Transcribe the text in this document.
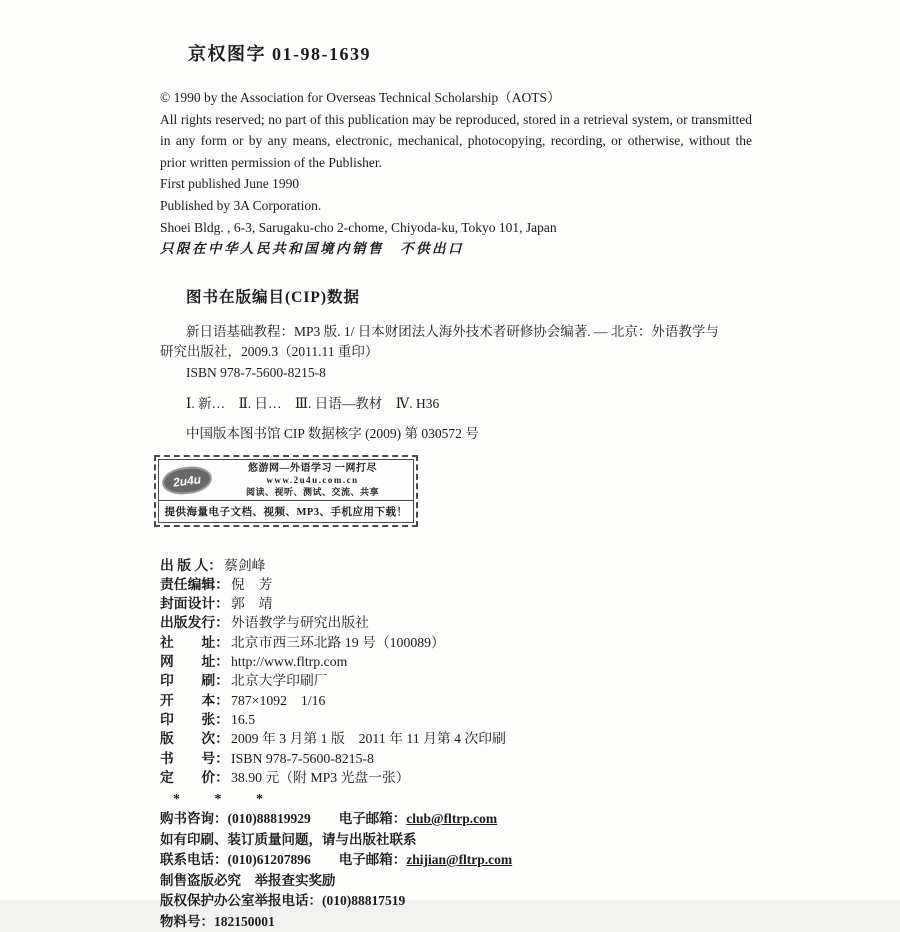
京权图字 01-98-1639

© 1990 by the Association for Overseas Technical Scholarship（AOTS）

All rights reserved; no part of this publication may be reproduced, stored in a retrieval system, or transmitted in any form or by any means, electronic, mechanical, photocopying, recording, or otherwise, without the prior written permission of the Publisher.

First published June 1990

Published by 3A Corporation.

Shoei Bldg. , 6-3, Sarugaku-cho 2-chome, Chiyoda-ku, Tokyo 101, Japan

只限在中华人民共和国境内销售　不供出口

图书在版编目(CIP)数据
新日语基础教程：MP3 版. 1/ 日本财团法人海外技术者研修协会编著. — 北京：外语教学与
研究出版社，2009.3（2011.11 重印）
ISBN 978-7-5600-8215-8
Ⅰ. 新…　Ⅱ. 日…　Ⅲ. 日语—教材　Ⅳ. H36
中国版本图书馆 CIP 数据核字 (2009) 第 030572 号
2u4u
悠游网—外语学习 一网打尽
www.2u4u.com.cn
阅读、视听、测试、交流、共享
提供海量电子文档、视频、MP3、手机应用下载！
出 版 人： 蔡剑峰
责任编辑： 倪　芳
封面设计： 郭　靖
出版发行： 外语教学与研究出版社
社　　址： 北京市西三环北路 19 号（100089）
网　　址： http://www.fltrp.com
印　　刷： 北京大学印刷厂
开　　本： 787×1092　1/16
印　　张： 16.5
版　　次： 2009 年 3 月第 1 版　2011 年 11 月第 4 次印刷
书　　号： ISBN 978-7-5600-8215-8
定　　价： 38.90 元（附 MP3 光盘一张）
* * *
购书咨询：(010)88819929 电子邮箱： club@fltrp.com
如有印刷、装订质量问题，请与出版社联系
联系电话：(010)61207896 电子邮箱： zhijian@fltrp.com
制售盗版必究　举报查实奖励
版权保护办公室举报电话：(010)88817519
物料号：182150001
